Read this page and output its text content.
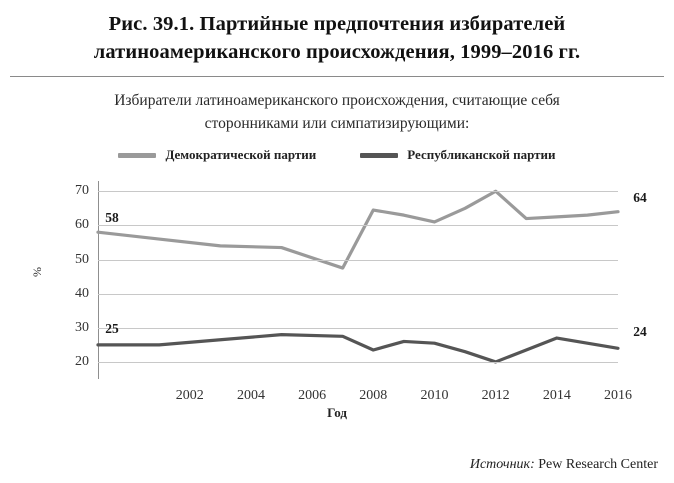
Рис. 39.1. Партийные предпочтения избирателей
латиноамериканского происхождения, 1999–2016 гг.
Избиратели латиноамериканского происхождения, считающие себя
сторонниками или симпатизирующими:
Демократической партии	Республиканской партии
%
20
30
40
50
60
70
2002 2004 2006 2008 2010 2012 2014 2016
58
64
25	24
Год
Источник: Pew Research Center
